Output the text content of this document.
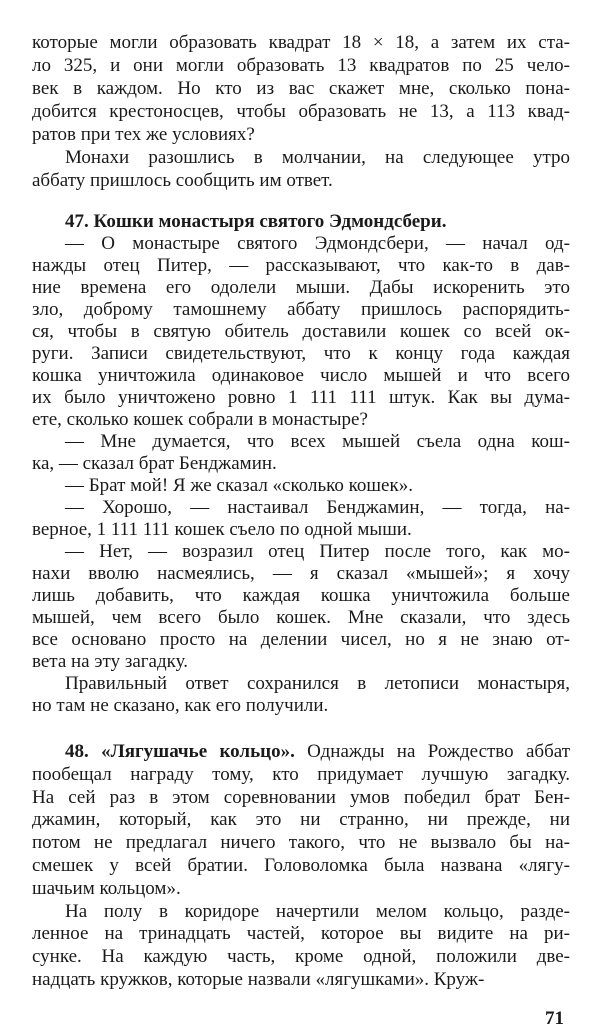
которые могли образовать квадрат 18 × 18, а затем их ста-
ло 325, и они могли образовать 13 квадратов по 25 чело-
век в каждом. Но кто из вас скажет мне, сколько пона-
добится крестоносцев, чтобы образовать не 13, а 113 квад-
ратов при тех же условиях?
Монахи разошлись в молчании, на следующее утро
аббату пришлось сообщить им ответ.
47. Кошки монастыря святого Эдмондсбери.
— О монастыре святого Эдмондсбери, — начал од-
нажды отец Питер, — рассказывают, что как-то в дав-
ние времена его одолели мыши. Дабы искоренить это
зло, доброму тамошнему аббату пришлось распорядить-
ся, чтобы в святую обитель доставили кошек со всей ок-
руги. Записи свидетельствуют, что к концу года каждая
кошка уничтожила одинаковое число мышей и что всего
их было уничтожено ровно 1 111 111 штук. Как вы дума-
ете, сколько кошек собрали в монастыре?
— Мне думается, что всех мышей съела одна кош-
ка, — сказал брат Бенджамин.
— Брат мой! Я же сказал «сколько кошек».
— Хорошо, — настаивал Бенджамин, — тогда, на-
верное, 1 111 111 кошек съело по одной мыши.
— Нет, — возразил отец Питер после того, как мо-
нахи вволю насмеялись, — я сказал «мышей»; я хочу
лишь добавить, что каждая кошка уничтожила больше
мышей, чем всего было кошек. Мне сказали, что здесь
все основано просто на делении чисел, но я не знаю от-
вета на эту загадку.
Правильный ответ сохранился в летописи монастыря,
но там не сказано, как его получили.
48. «Лягушачье кольцо». Однажды на Рождество аббат
пообещал награду тому, кто придумает лучшую загадку.
На сей раз в этом соревновании умов победил брат Бен-
джамин, который, как это ни странно, ни прежде, ни
потом не предлагал ничего такого, что не вызвало бы на-
смешек у всей братии. Головоломка была названа «лягу-
шачьим кольцом».
На полу в коридоре начертили мелом кольцо, разде-
ленное на тринадцать частей, которое вы видите на ри-
сунке. На каждую часть, кроме одной, положили две-
надцать кружков, которые назвали «лягушками». Круж-
71
